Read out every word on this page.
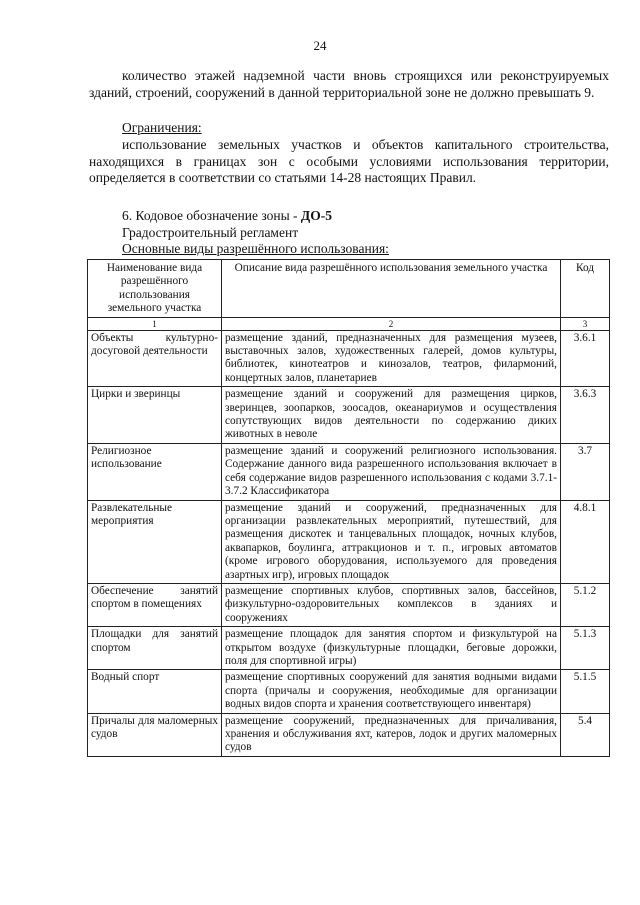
24

количество этажей надземной части вновь строящихся или реконструируемых зданий, строений, сооружений в данной территориальной зоне не должно превышать 9.

Ограничения:

использование земельных участков и объектов капитального строительства, находящихся в границах зон с особыми условиями использования территории, определяется в соответствии со статьями 14-28 настоящих Правил.

6. Кодовое обозначение зоны - ДО-5
Градостроительный регламент
Основные виды разрешённого использования:
Наименование вида разрешённого использования земельного участка	Описание вида разрешённого использования земельного участка	Код
1	2	3
Объекты культурно-досуговой деятельности	размещение зданий, предназначенных для размещения музеев, выставочных залов, художественных галерей, домов культуры, библиотек, кинотеатров и кинозалов, театров, филармоний, концертных залов, планетариев	3.6.1
Цирки и зверинцы	размещение зданий и сооружений для размещения цирков, зверинцев, зоопарков, зоосадов, океанариумов и осуществления сопутствующих видов деятельности по содержанию диких животных в неволе	3.6.3
Религиозное использование	размещение зданий и сооружений религиозного использования. Содержание данного вида разрешенного использования включает в себя содержание видов разрешенного использования с кодами 3.7.1-3.7.2 Классификатора	3.7
Развлекательные мероприятия	размещение зданий и сооружений, предназначенных для организации развлекательных мероприятий, путешествий, для размещения дискотек и танцевальных площадок, ночных клубов, аквапарков, боулинга, аттракционов и т. п., игровых автоматов (кроме игрового оборудования, используемого для проведения азартных игр), игровых площадок	4.8.1
Обеспечение занятий спортом в помещениях	размещение спортивных клубов, спортивных залов, бассейнов, физкультурно-оздоровительных комплексов в зданиях и сооружениях	5.1.2
Площадки для занятий спортом	размещение площадок для занятия спортом и физкультурой на открытом воздухе (физкультурные площадки, беговые дорожки, поля для спортивной игры)	5.1.3
Водный спорт	размещение спортивных сооружений для занятия водными видами спорта (причалы и сооружения, необходимые для организации водных видов спорта и хранения соответствующего инвентаря)	5.1.5
Причалы для маломерных судов	размещение сооружений, предназначенных для причаливания, хранения и обслуживания яхт, катеров, лодок и других маломерных судов	5.4
